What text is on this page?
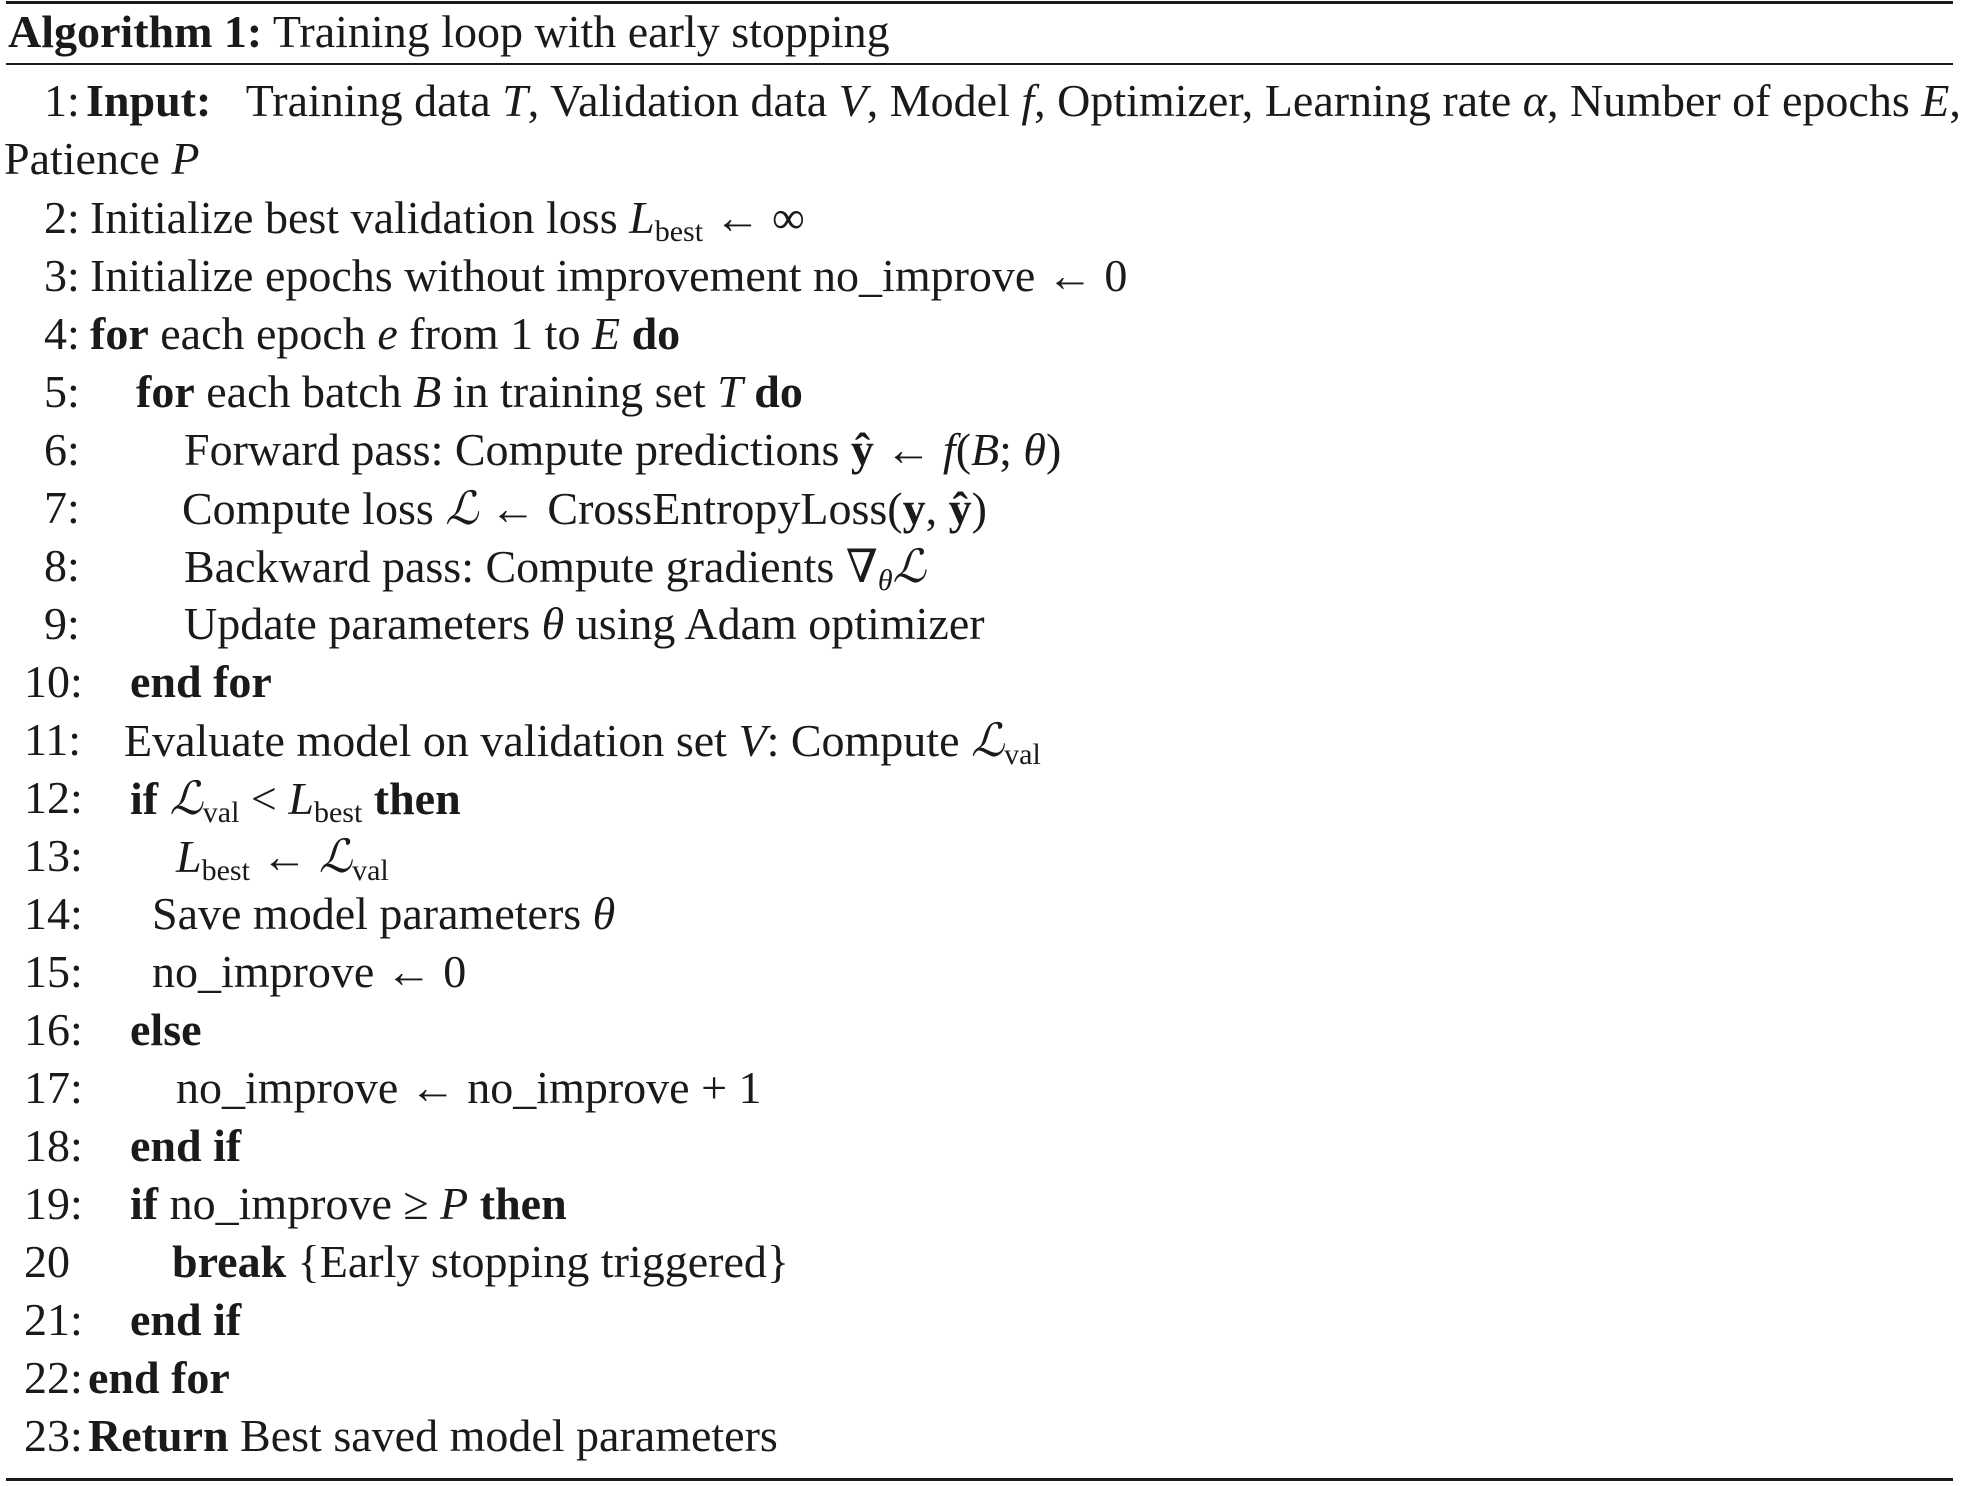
Algorithm 1: Training loop with early stopping
1: Input:   Training data T, Validation data V, Model f, Optimizer, Learning rate α, Number of epochs E,
Patience P
2: Initialize best validation loss $L_{best}$ ← ∞
3: Initialize epochs without improvement no_improve ← 0
4: for each epoch e from 1 to E do
5: for each batch B in training set T do
6: Forward pass: Compute predictions ŷ ← f(B; θ)
7: Compute loss ℒ ← CrossEntropyLoss(y, ŷ)
8: Backward pass: Compute gradients $\nabla_\theta ℒ$
9: Update parameters θ using Adam optimizer
10: end for
11: Evaluate model on validation set V: Compute ℒ$_{val}$
12: if ℒ$_{val}$ < $L_{best}$ then
13: $L_{best}$ ← ℒ$_{val}$
14: Save model parameters θ
15: no_improve ← 0
16: else
17: no_improve ← no_improve + 1
18: end if
19: if no_improve ≥ P then
20 break {Early stopping triggered}
21: end if
22: end for
23: Return Best saved model parameters
